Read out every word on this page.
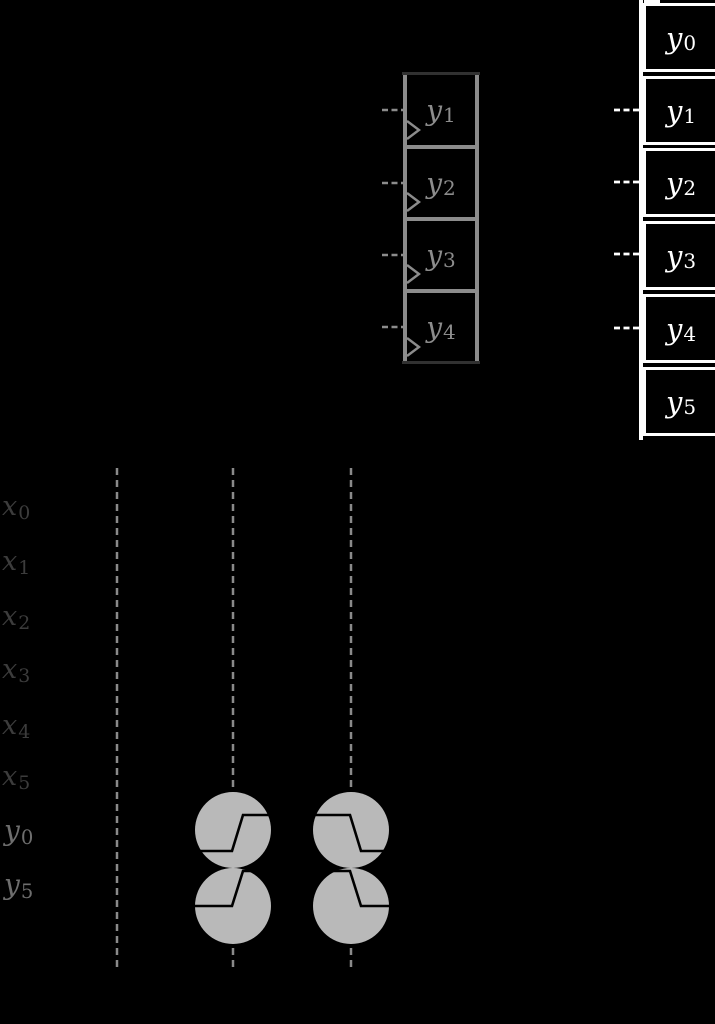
y 1
y 2
y 3
y 4
y 0
y 1
y 2
y 3
y 4
y 5
$x_0$
$x_1$
$x_2$
$x_3$
$x_4$
$x_5$
$y_0$
$y_5$
